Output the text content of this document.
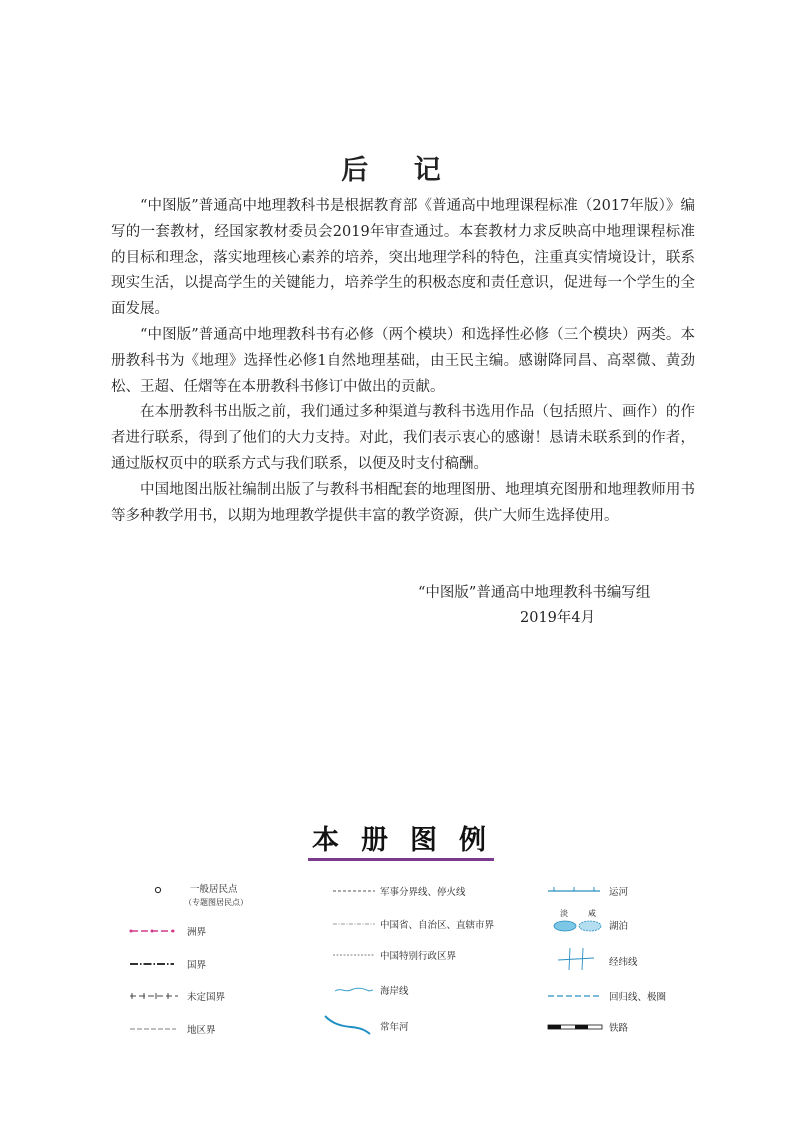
后 记

“中图版”普通高中地理教科书是根据教育部《普通高中地理课程标准（2017年版）》编写的一套教材，经国家教材委员会2019年审查通过。本套教材力求反映高中地理课程标准的目标和理念，落实地理核心素养的培养，突出地理学科的特色，注重真实情境设计，联系现实生活，以提高学生的关键能力，培养学生的积极态度和责任意识，促进每一个学生的全面发展。

“中图版”普通高中地理教科书有必修（两个模块）和选择性必修（三个模块）两类。本册教科书为《地理》选择性必修1自然地理基础，由王民主编。感谢降同昌、高翠微、黄劲松、王超、任熠等在本册教科书修订中做出的贡献。

在本册教科书出版之前，我们通过多种渠道与教科书选用作品（包括照片、画作）的作者进行联系，得到了他们的大力支持。对此，我们表示衷心的感谢！恳请未联系到的作者，通过版权页中的联系方式与我们联系，以便及时支付稿酬。

中国地图出版社编制出版了与教科书相配套的地理图册、地理填充图册和地理教师用书等多种教学用书，以期为地理教学提供丰富的教学资源，供广大师生选择使用。

“中图版”普通高中地理教科书编写组
2019年4月
本册图例
一般居民点
（专题图居民点）
洲界
国界
未定国界
地区界
军事分界线、停火线
中国省、自治区、直辖市界
中国特别行政区界
海岸线
常年河
运河
淡	咸
湖泊
经纬线
回归线、极圈
铁路
